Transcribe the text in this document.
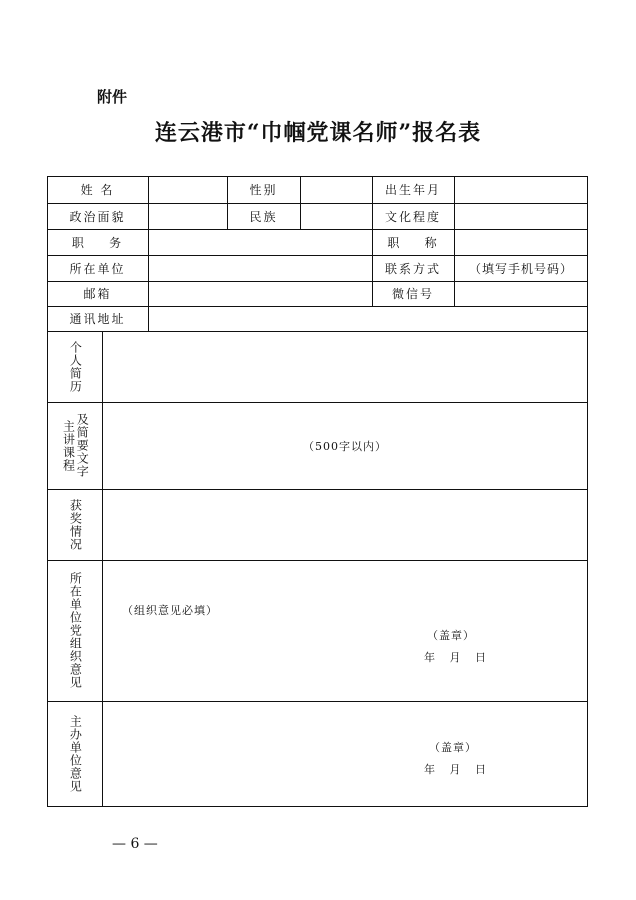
附件
连云港市“巾帼党课名师”报名表
姓 名	性别	出生年月
政治面貌	民族	文化程度
职    务	职    称
所在单位	联系方式	（填写手机号码）
邮箱	微信号
通讯地址
个人简历
主讲课程 及简要文字	（500字以内）
获奖情况
所在单位党组织意见	（组织意见必填）
（盖章）
年   月   日
主办单位意见	（盖章）
年   月   日
— 6 —
